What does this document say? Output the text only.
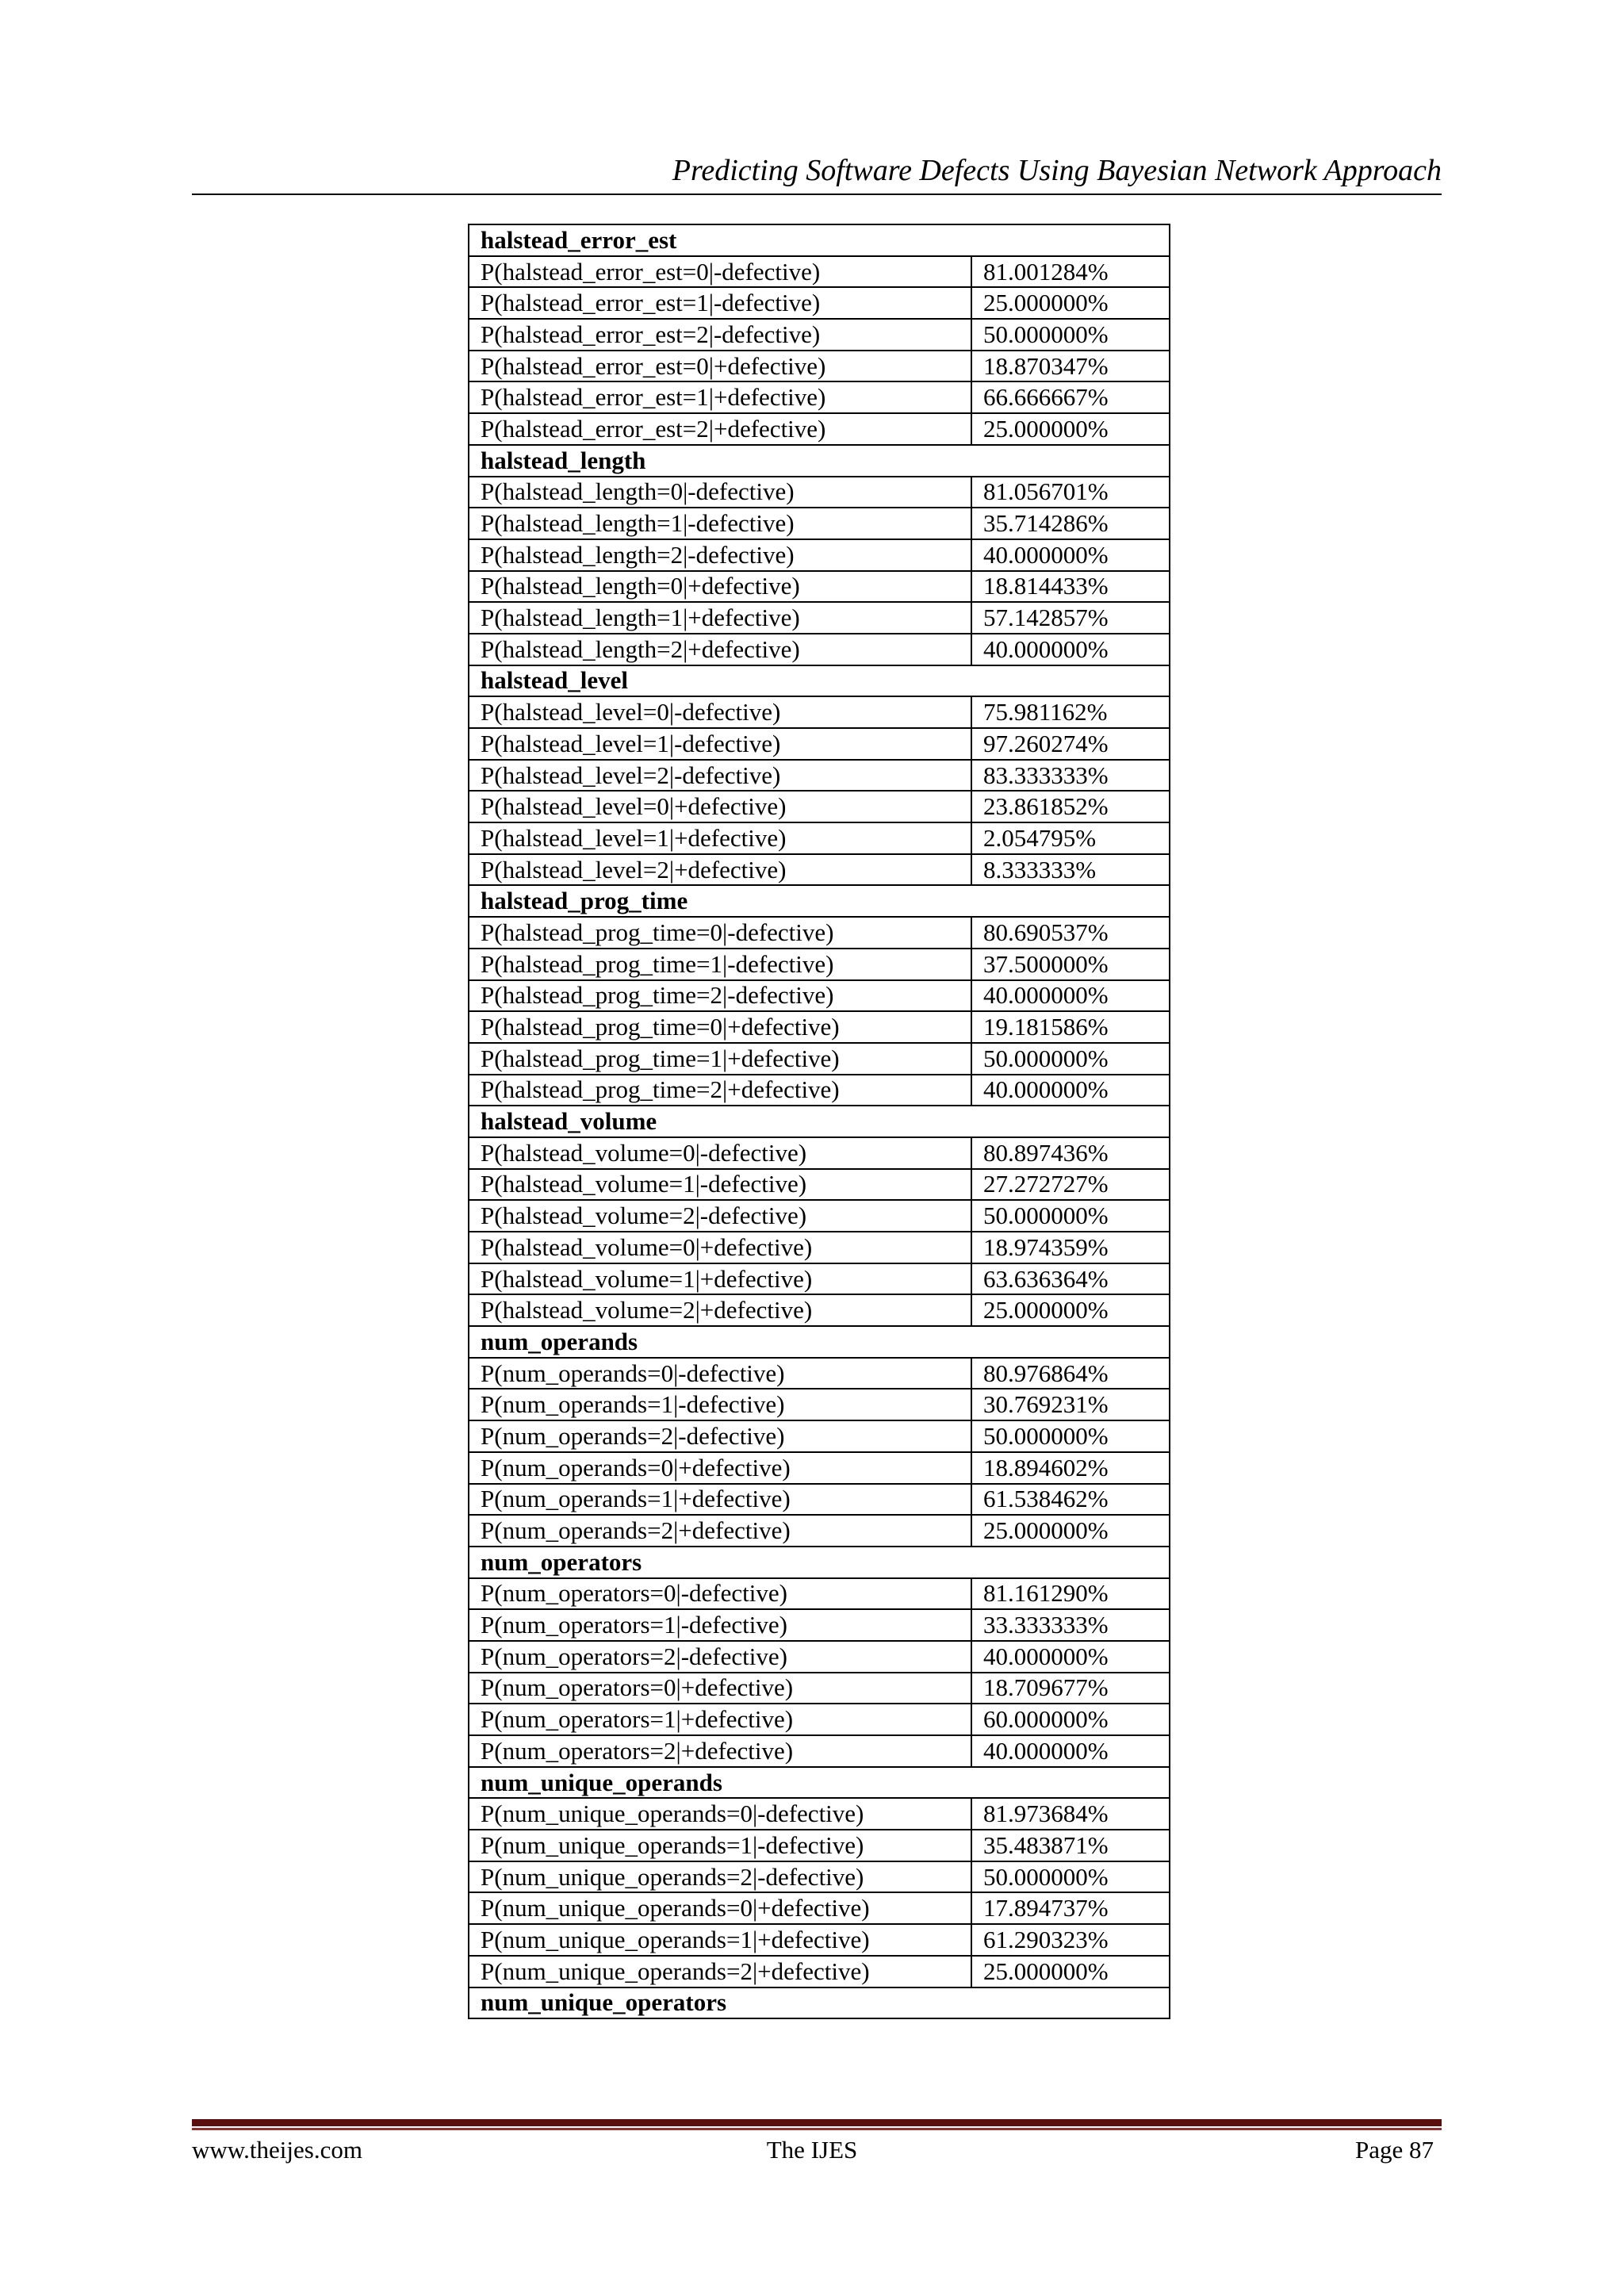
Predicting Software Defects Using Bayesian Network Approach
halstead_error_est	
P(halstead_error_est=0|-defective)	81.001284%
P(halstead_error_est=1|-defective)	25.000000%
P(halstead_error_est=2|-defective)	50.000000%
P(halstead_error_est=0|+defective)	18.870347%
P(halstead_error_est=1|+defective)	66.666667%
P(halstead_error_est=2|+defective)	25.000000%
halstead_length	
P(halstead_length=0|-defective)	81.056701%
P(halstead_length=1|-defective)	35.714286%
P(halstead_length=2|-defective)	40.000000%
P(halstead_length=0|+defective)	18.814433%
P(halstead_length=1|+defective)	57.142857%
P(halstead_length=2|+defective)	40.000000%
halstead_level	
P(halstead_level=0|-defective)	75.981162%
P(halstead_level=1|-defective)	97.260274%
P(halstead_level=2|-defective)	83.333333%
P(halstead_level=0|+defective)	23.861852%
P(halstead_level=1|+defective)	2.054795%
P(halstead_level=2|+defective)	8.333333%
halstead_prog_time	
P(halstead_prog_time=0|-defective)	80.690537%
P(halstead_prog_time=1|-defective)	37.500000%
P(halstead_prog_time=2|-defective)	40.000000%
P(halstead_prog_time=0|+defective)	19.181586%
P(halstead_prog_time=1|+defective)	50.000000%
P(halstead_prog_time=2|+defective)	40.000000%
halstead_volume	
P(halstead_volume=0|-defective)	80.897436%
P(halstead_volume=1|-defective)	27.272727%
P(halstead_volume=2|-defective)	50.000000%
P(halstead_volume=0|+defective)	18.974359%
P(halstead_volume=1|+defective)	63.636364%
P(halstead_volume=2|+defective)	25.000000%
num_operands	
P(num_operands=0|-defective)	80.976864%
P(num_operands=1|-defective)	30.769231%
P(num_operands=2|-defective)	50.000000%
P(num_operands=0|+defective)	18.894602%
P(num_operands=1|+defective)	61.538462%
P(num_operands=2|+defective)	25.000000%
num_operators	
P(num_operators=0|-defective)	81.161290%
P(num_operators=1|-defective)	33.333333%
P(num_operators=2|-defective)	40.000000%
P(num_operators=0|+defective)	18.709677%
P(num_operators=1|+defective)	60.000000%
P(num_operators=2|+defective)	40.000000%
num_unique_operands	
P(num_unique_operands=0|-defective)	81.973684%
P(num_unique_operands=1|-defective)	35.483871%
P(num_unique_operands=2|-defective)	50.000000%
P(num_unique_operands=0|+defective)	17.894737%
P(num_unique_operands=1|+defective)	61.290323%
P(num_unique_operands=2|+defective)	25.000000%
num_unique_operators	
www.theijes.com	The IJES	Page 87
